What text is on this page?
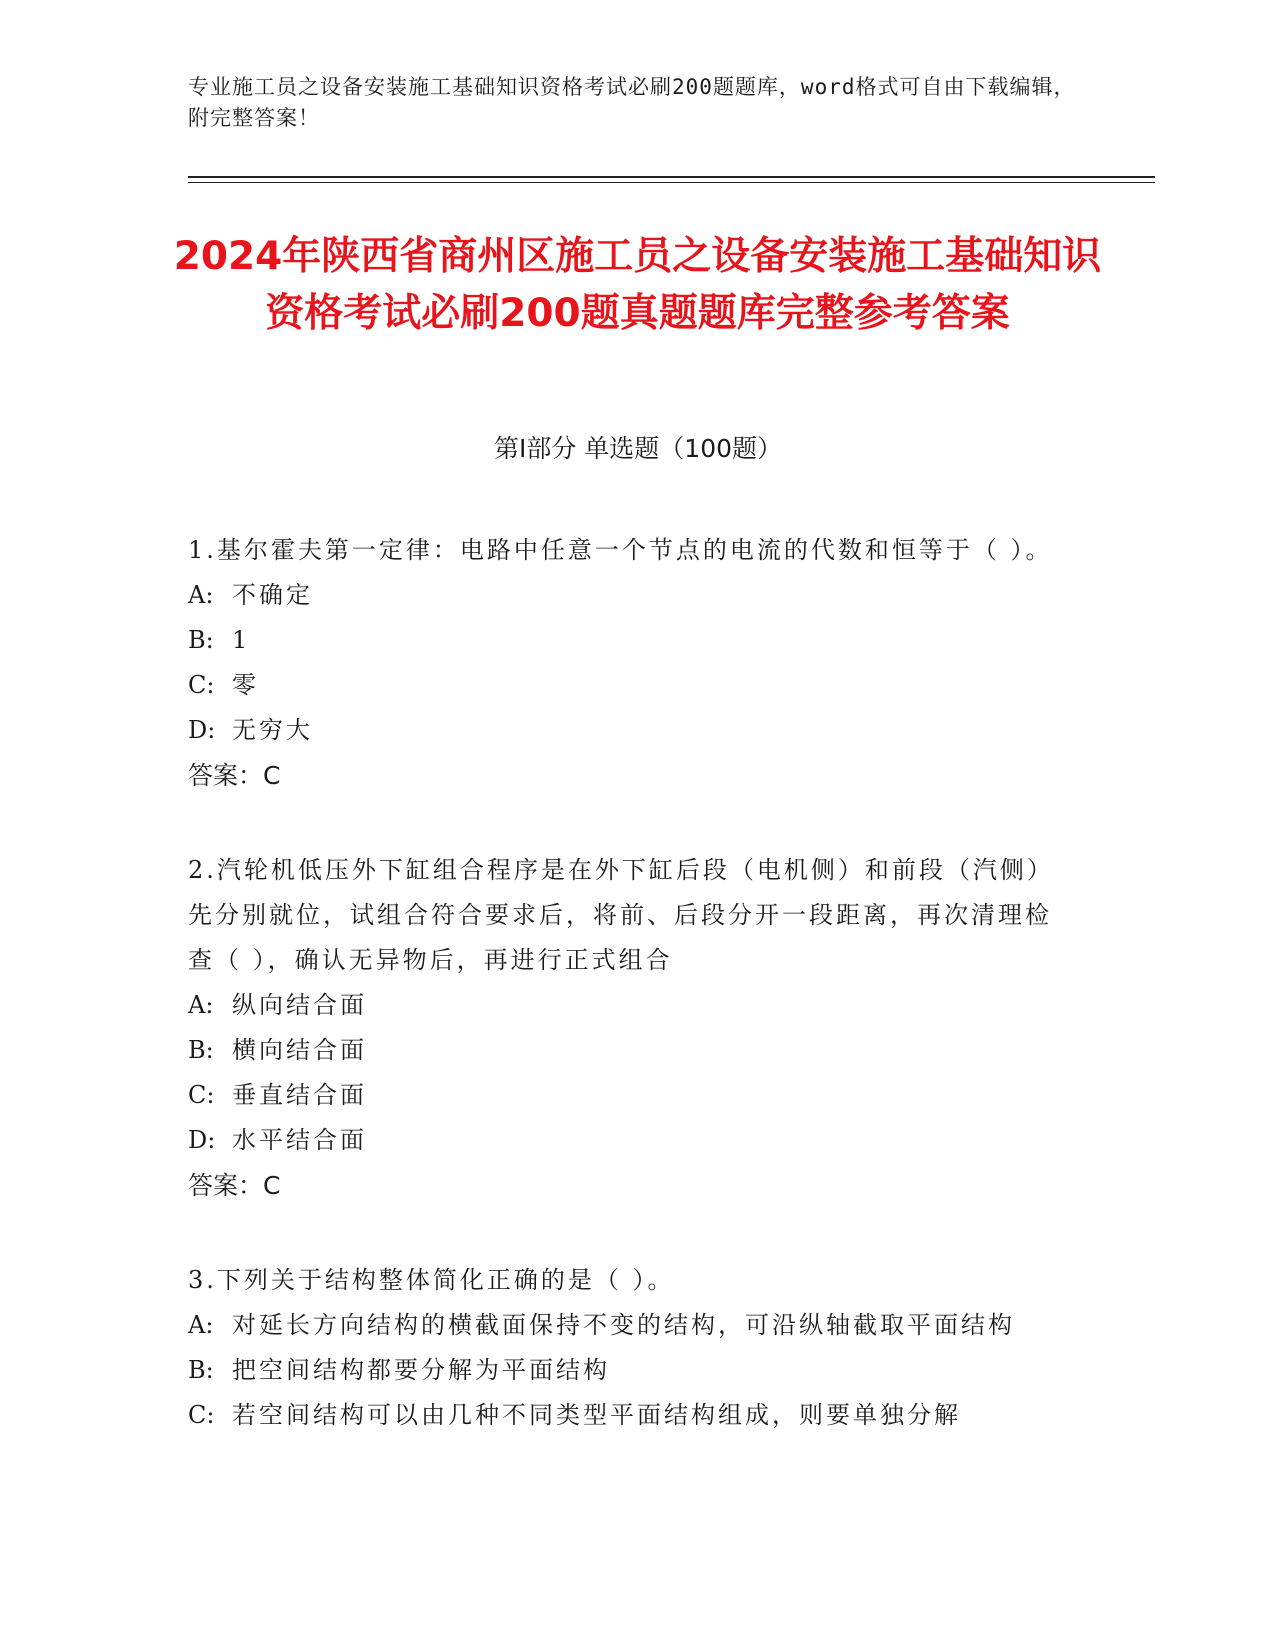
专业施工员之设备安装施工基础知识资格考试必刷200题题库，word格式可自由下载编辑，附完整答案！
2024年陕西省商州区施工员之设备安装施工基础知识资格考试必刷200题真题题库完整参考答案
第Ⅰ部分 单选题（100题）
1.基尔霍夫第一定律：电路中任意一个节点的电流的代数和恒等于（ ）。
A: 不确定
B: 1
C: 零
D: 无穷大
答案：C
2.汽轮机低压外下缸组合程序是在外下缸后段（电机侧）和前段（汽侧）先分别就位，试组合符合要求后，将前、后段分开一段距离，再次清理检查（ ），确认无异物后，再进行正式组合
A: 纵向结合面
B: 横向结合面
C: 垂直结合面
D: 水平结合面
答案：C
3.下列关于结构整体简化正确的是（ ）。
A: 对延长方向结构的横截面保持不变的结构，可沿纵轴截取平面结构
B: 把空间结构都要分解为平面结构
C: 若空间结构可以由几种不同类型平面结构组成，则要单独分解
